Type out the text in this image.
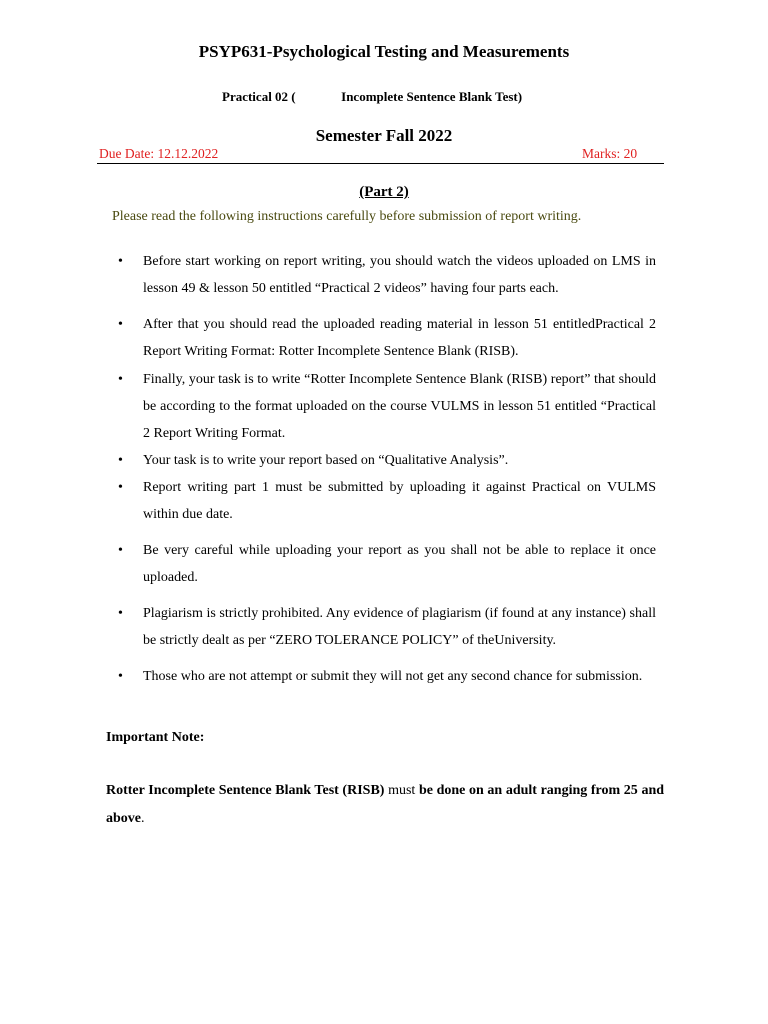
PSYP631-Psychological Testing and Measurements
Practical 02 (              Incomplete Sentence Blank Test)
Semester Fall 2022
Due Date: 12.12.2022	Marks: 20
(Part 2)
Please read the following instructions carefully before submission of report writing.
• Before start working on report writing, you should watch the videos uploaded on LMS in lesson 49 & lesson 50 entitled “Practical 2 videos” having four parts each.
• After that you should read the uploaded reading material in lesson 51 entitledPractical 2 Report Writing Format: Rotter Incomplete Sentence Blank (RISB).
• Finally, your task is to write “Rotter Incomplete Sentence Blank (RISB) report” that should be according to the format uploaded on the course VULMS in lesson 51 entitled “Practical 2 Report Writing Format.
• Your task is to write your report based on “Qualitative Analysis”.
• Report writing part 1 must be submitted by uploading it against Practical on VULMS within due date.
• Be very careful while uploading your report as you shall not be able to replace it once uploaded.
• Plagiarism is strictly prohibited. Any evidence of plagiarism (if found at any instance) shall be strictly dealt as per “ZERO TOLERANCE POLICY” of theUniversity.
• Those who are not attempt or submit they will not get any second chance for submission.
Important Note:
Rotter Incomplete Sentence Blank Test (RISB) must be done on an adult ranging from 25 and above.
